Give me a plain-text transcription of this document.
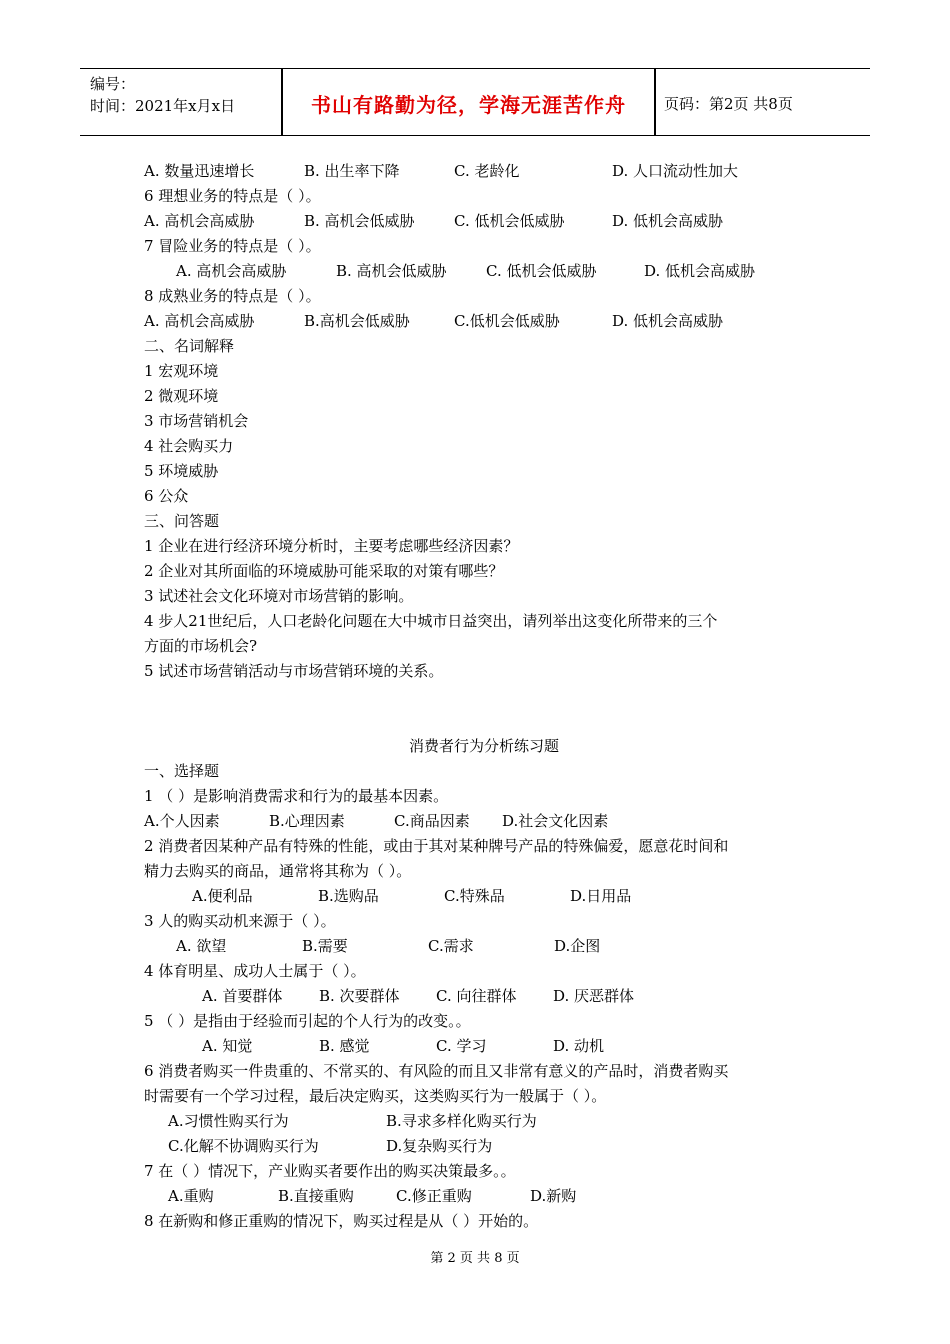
编号：
时间：2021年x月x日	书山有路勤为径，学海无涯苦作舟	页码：第2页 共8页
A. 数量迅速增长	B. 出生率下降	C. 老龄化	D. 人口流动性加大
6 理想业务的特点是（ ）。
A. 高机会高威胁	B. 高机会低威胁	C. 低机会低威胁	D. 低机会高威胁
7 冒险业务的特点是（ ）。
A. 高机会高威胁	B. 高机会低威胁	C. 低机会低威胁	D. 低机会高威胁
8 成熟业务的特点是（ ）。
A. 高机会高威胁	B.高机会低威胁	C.低机会低威胁	D. 低机会高威胁
二、名词解释
1 宏观环境
2 微观环境
3 市场营销机会
4 社会购买力
5 环境威胁
6 公众
三、问答题
1 企业在进行经济环境分析时，主要考虑哪些经济因素？
2 企业对其所面临的环境威胁可能采取的对策有哪些？
3 试述社会文化环境对市场营销的影响。
4 步人21世纪后，人口老龄化问题在大中城市日益突出，请列举出这变化所带来的三个
方面的市场机会?
5 试述市场营销活动与市场营销环境的关系。
消费者行为分析练习题
一、选择题
1 （ ）是影响消费需求和行为的最基本因素。
A.个人因素	B.心理因素	C.商品因素	D.社会文化因素
2 消费者因某种产品有特殊的性能，或由于其对某种牌号产品的特殊偏爱，愿意花时间和
精力去购买的商品，通常将其称为（ ）。
A.便利品	B.选购品	C.特殊品	D.日用品
3 人的购买动机来源于（ ）。
A. 欲望	B.需要	C.需求	D.企图
4 体育明星、成功人士属于（ ）。
A. 首要群体	B. 次要群体	C. 向往群体	D. 厌恶群体
5 （ ）是指由于经验而引起的个人行为的改变。。
A. 知觉	B. 感觉	C. 学习	D. 动机
6 消费者购买一件贵重的、不常买的、有风险的而且又非常有意义的产品时，消费者购买
时需要有一个学习过程，最后决定购买，这类购买行为一般属于（ ）。
A.习惯性购买行为	B.寻求多样化购买行为
C.化解不协调购买行为	D.复杂购买行为
7 在（ ）情况下，产业购买者要作出的购买决策最多。。
A.重购	B.直接重购	C.修正重购	D.新购
8 在新购和修正重购的情况下，购买过程是从（ ）开始的。
第 2 页 共 8 页
